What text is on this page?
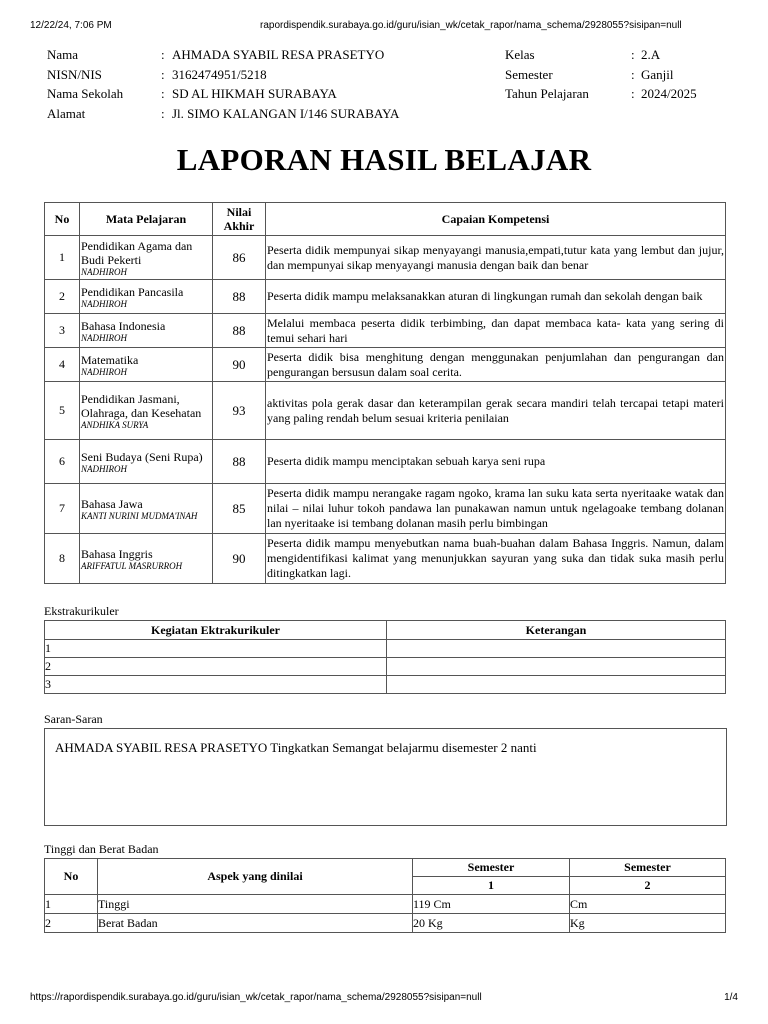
12/22/24, 7:06 PM	rapordispendik.surabaya.go.id/guru/isian_wk/cetak_rapor/nama_schema/2928055?sisipan=null
Nama	: AHMADA SYABIL RESA PRASETYO	Kelas	: 2.A
NISN/NIS	: 3162474951/5218	Semester	: Ganjil
Nama Sekolah	: SD AL HIKMAH SURABAYA	Tahun Pelajaran	: 2024/2025
Alamat	: Jl. SIMO KALANGAN I/146 SURABAYA
LAPORAN HASIL BELAJAR
No	Mata Pelajaran	Nilai Akhir	Capaian Kompetensi
1	Pendidikan Agama dan Budi Pekerti
NADHIROH	86	Peserta didik mempunyai sikap menyayangi manusia,empati,tutur kata yang lembut dan jujur, dan mempunyai sikap menyayangi manusia dengan baik dan benar
2	Pendidikan Pancasila
NADHIROH	88	Peserta didik mampu melaksanakkan aturan di lingkungan rumah dan sekolah dengan baik
3	Bahasa Indonesia
NADHIROH	88	Melalui membaca peserta didik terbimbing, dan dapat membaca kata- kata yang sering di temui sehari hari
4	Matematika
NADHIROH	90	Peserta didik bisa menghitung dengan menggunakan penjumlahan dan pengurangan dan pengurangan bersusun dalam soal cerita.
5	Pendidikan Jasmani, Olahraga, dan Kesehatan
ANDHIKA SURYA	93	aktivitas pola gerak dasar dan keterampilan gerak secara mandiri telah tercapai tetapi materi yang paling rendah belum sesuai kriteria penilaian
6	Seni Budaya (Seni Rupa)
NADHIROH	88	Peserta didik mampu menciptakan sebuah karya seni rupa
7	Bahasa Jawa
KANTI NURINI MUDMA'INAH	85	Peserta didik mampu nerangake ragam ngoko, krama lan suku kata serta nyeritaake watak dan nilai – nilai luhur tokoh pandawa lan punakawan namun untuk ngelagoake tembang dolanan lan nyeritaake isi tembang dolanan masih perlu bimbingan
8	Bahasa Inggris
ARIFFATUL MASRURROH	90	Peserta didik mampu menyebutkan nama buah-buahan dalam Bahasa Inggris. Namun, dalam mengidentifikasi kalimat yang menunjukkan sayuran yang suka dan tidak suka masih perlu ditingkatkan lagi.
Ekstrakurikuler
Kegiatan Ektrakurikuler	Keterangan
1	
2	
3	
Saran-Saran
AHMADA SYABIL RESA PRASETYO Tingkatkan Semangat belajarmu disemester 2 nanti
Tinggi dan Berat Badan
No	Aspek yang dinilai	Semester	Semester
		1	2
1	Tinggi	119 Cm	Cm
2	Berat Badan	20 Kg	Kg
https://rapordispendik.surabaya.go.id/guru/isian_wk/cetak_rapor/nama_schema/2928055?sisipan=null	1/4
